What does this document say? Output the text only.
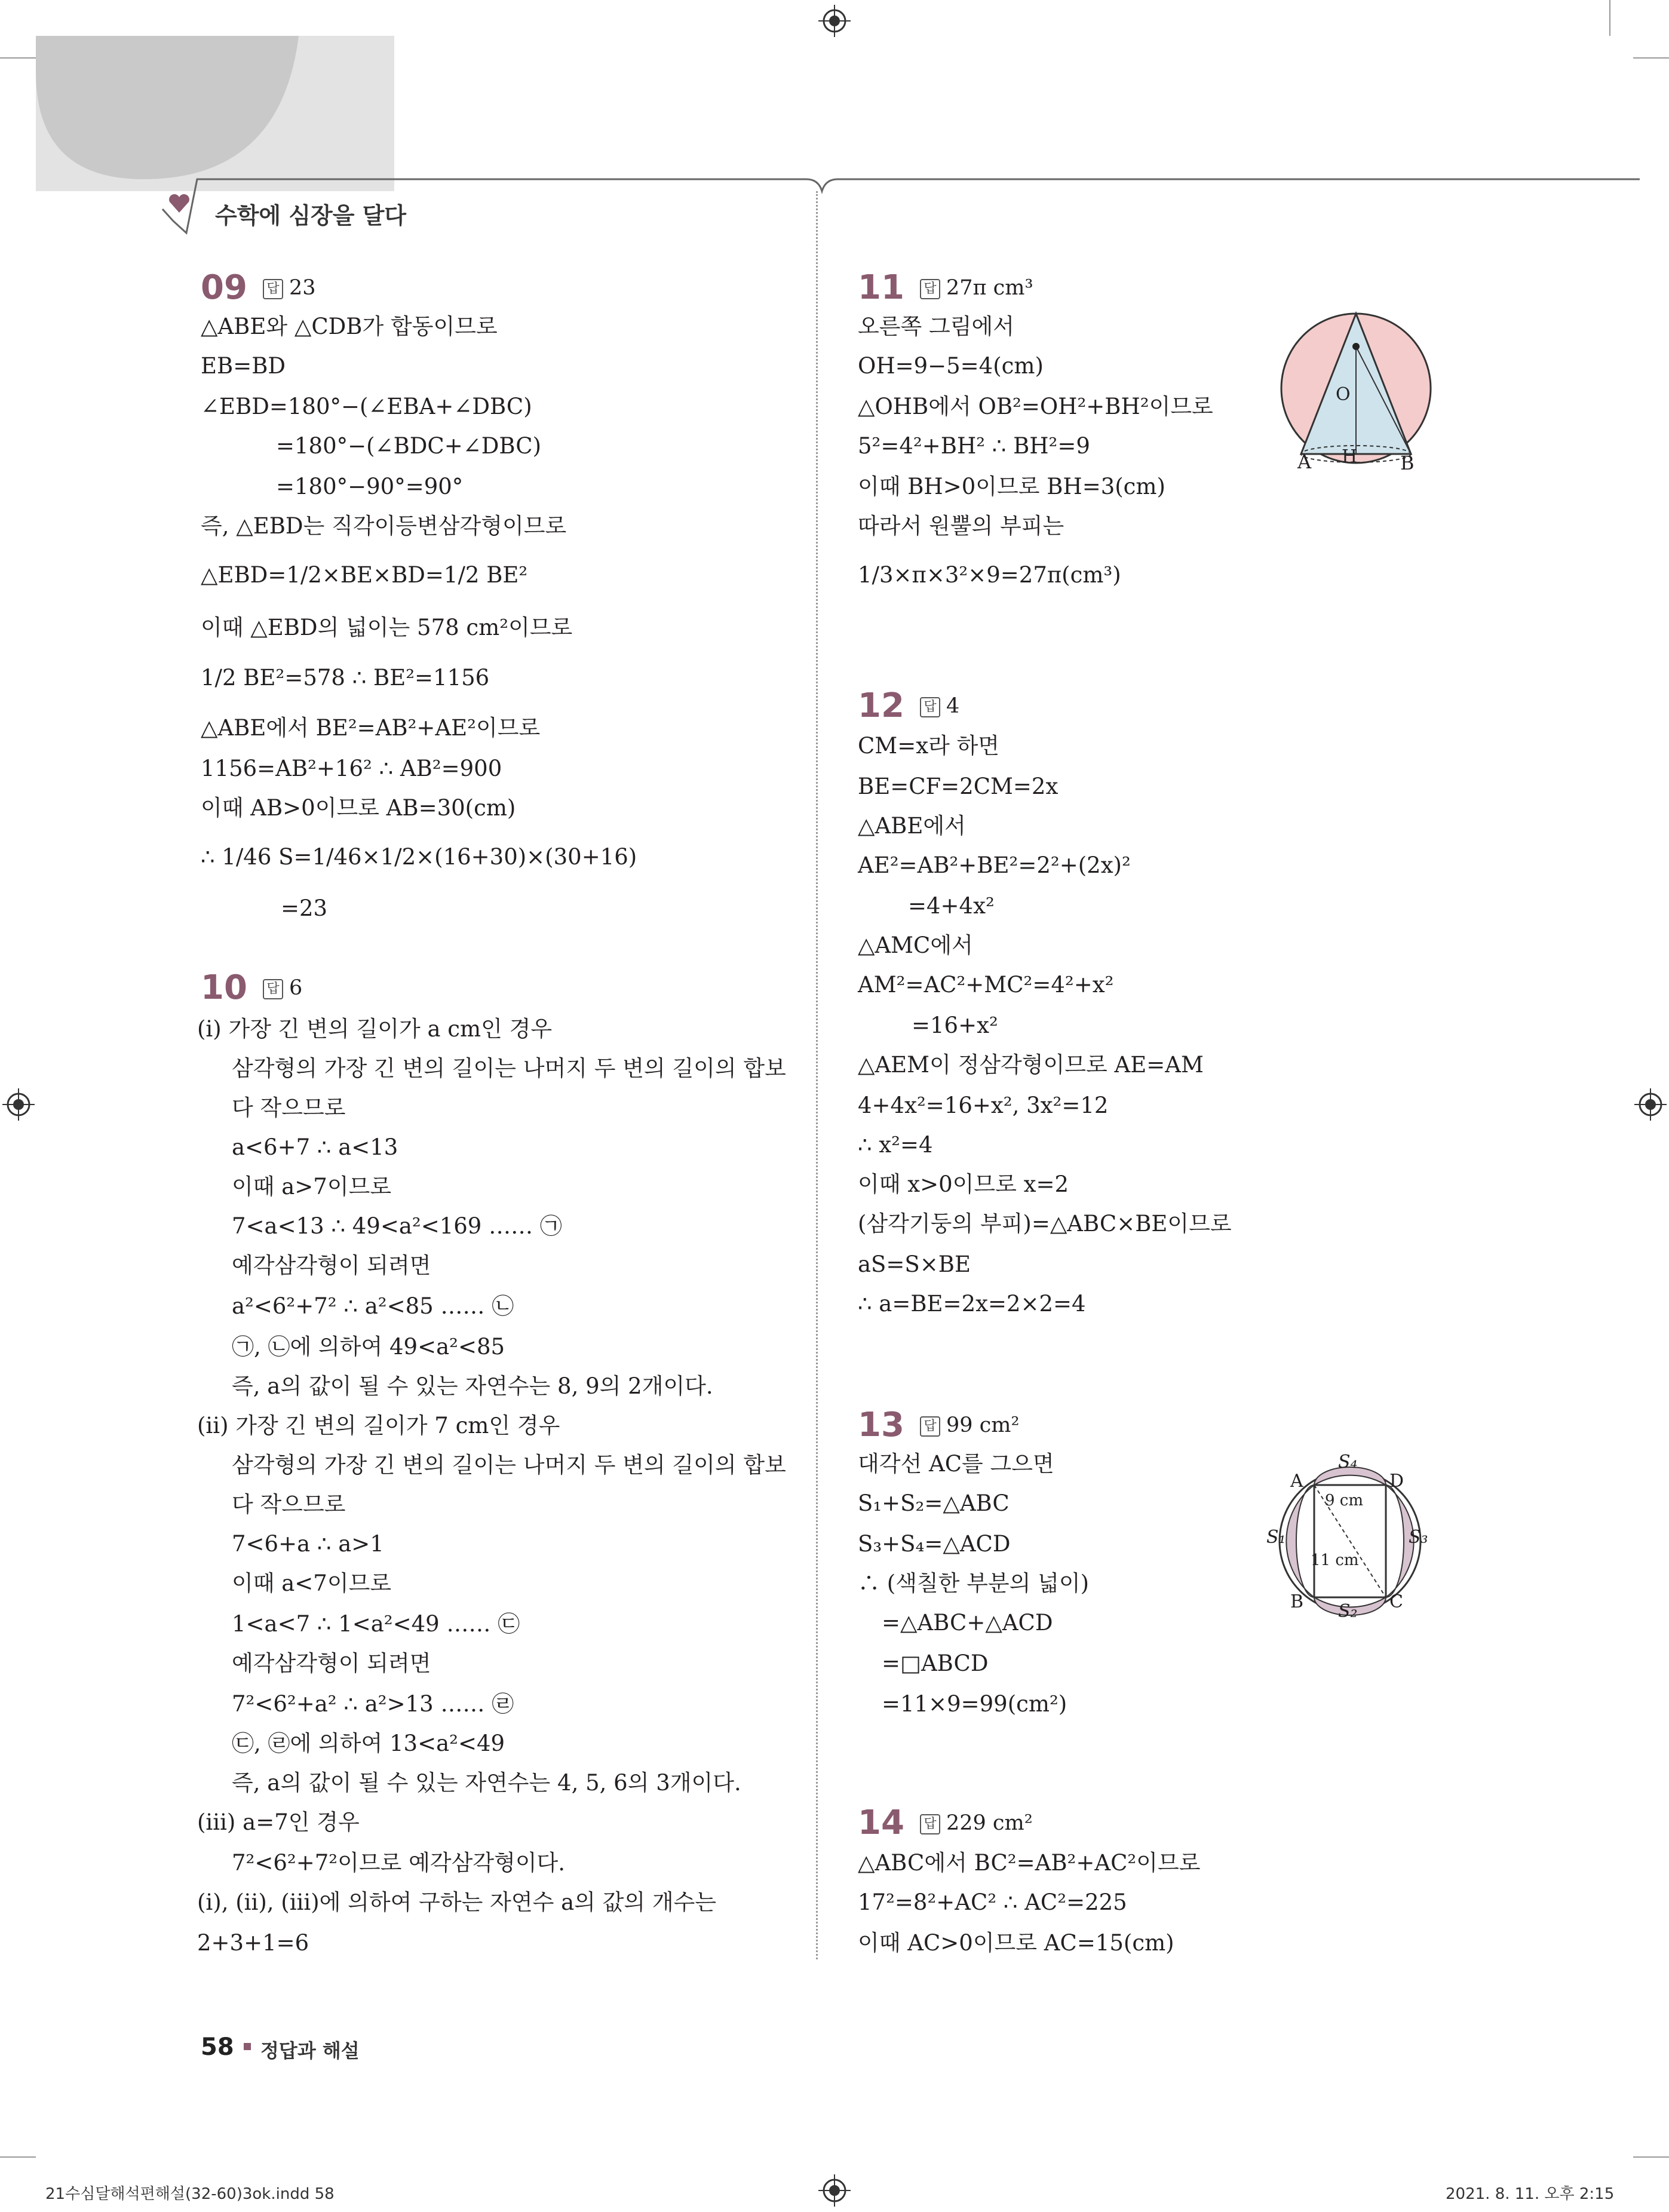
수학에 심장을 달다
09 답 23
△ABE와 △CDB가 합동이므로
EB=BD
∠EBD=180°−(∠EBA+∠DBC)
=180°−(∠BDC+∠DBC)
=180°−90°=90°
즉, △EBD는 직각이등변삼각형이므로
△EBD=1/2×BE×BD=1/2 BE²
이때 △EBD의 넓이는 578 cm²이므로
1/2 BE²=578 ∴ BE²=1156
△ABE에서 BE²=AB²+AE²이므로
1156=AB²+16² ∴ AB²=900
이때 AB>0이므로 AB=30(cm)
∴ 1/46 S=1/46×1/2×(16+30)×(30+16)
=23
10 답 6
(i) 가장 긴 변의 길이가 a cm인 경우
삼각형의 가장 긴 변의 길이는 나머지 두 변의 길이의 합보
다 작으므로
a<6+7 ∴ a<13
이때 a>7이므로
7<a<13 ∴ 49<a²<169 …… ㉠
예각삼각형이 되려면
a²<6²+7² ∴ a²<85 …… ㉡
㉠, ㉡에 의하여 49<a²<85
즉, a의 값이 될 수 있는 자연수는 8, 9의 2개이다.
(ii) 가장 긴 변의 길이가 7 cm인 경우
삼각형의 가장 긴 변의 길이는 나머지 두 변의 길이의 합보
다 작으므로
7<6+a ∴ a>1
이때 a<7이므로
1<a<7 ∴ 1<a²<49 …… ㉢
예각삼각형이 되려면
7²<6²+a² ∴ a²>13 …… ㉣
㉢, ㉣에 의하여 13<a²<49
즉, a의 값이 될 수 있는 자연수는 4, 5, 6의 3개이다.
(iii) a=7인 경우
7²<6²+7²이므로 예각삼각형이다.
(i), (ii), (iii)에 의하여 구하는 자연수 a의 값의 개수는
2+3+1=6
11 답 27π cm³
오른쪽 그림에서
OH=9−5=4(cm)
△OHB에서 OB²=OH²+BH²이므로
5²=4²+BH² ∴ BH²=9
이때 BH>0이므로 BH=3(cm)
따라서 원뿔의 부피는
1/3×π×3²×9=27π(cm³)
O
H
A	B
12 답 4
CM=x라 하면
BE=CF=2CM=2x
△ABE에서
AE²=AB²+BE²=2²+(2x)²
=4+4x²
△AMC에서
AM²=AC²+MC²=4²+x²
=16+x²
△AEM이 정삼각형이므로 AE=AM
4+4x²=16+x², 3x²=12
∴ x²=4
이때 x>0이므로 x=2
(삼각기둥의 부피)=△ABC×BE이므로
aS=S×BE
∴ a=BE=2x=2×2=4
13 답 99 cm²
대각선 AC를 그으면
S₁+S₂=△ABC
S₃+S₄=△ACD
∴ (색칠한 부분의 넓이)
=△ABC+△ACD
=□ABCD
=11×9=99(cm²)
9 cm
11 cm
A	D
B	C
S₁
S₂
S₃
S₄
14 답 229 cm²
△ABC에서 BC²=AB²+AC²이므로
17²=8²+AC² ∴ AC²=225
이때 AC>0이므로 AC=15(cm)
58 정답과 해설
21수심달해석편해설(32-60)3ok.indd 58	2021. 8. 11. 오후 2:15
